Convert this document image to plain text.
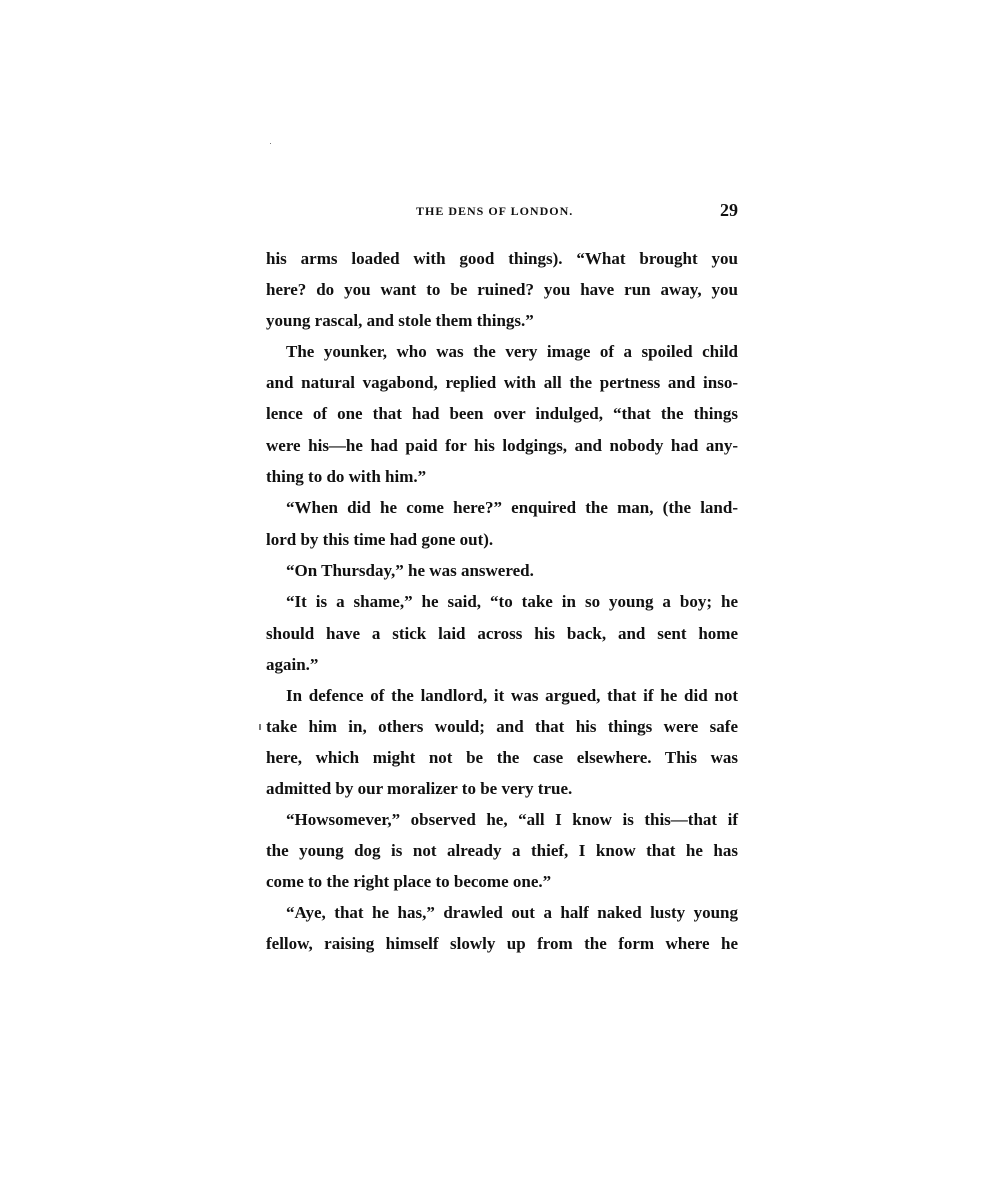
THE DENS OF LONDON.	29
his arms loaded with good things). “What brought you
here? do you want to be ruined? you have run away, you
young rascal, and stole them things.”
The younker, who was the very image of a spoiled child
and natural vagabond, replied with all the pertness and inso-
lence of one that had been over indulged, “that the things
were his—he had paid for his lodgings, and nobody had any-
thing to do with him.”
“When did he come here?” enquired the man, (the land-
lord by this time had gone out).
“On Thursday,” he was answered.
“It is a shame,” he said, “to take in so young a boy; he
should have a stick laid across his back, and sent home
again.”
In defence of the landlord, it was argued, that if he did not
take him in, others would; and that his things were safe
here, which might not be the case elsewhere. This was
admitted by our moralizer to be very true.
“Howsomever,” observed he, “all I know is this—that if
the young dog is not already a thief, I know that he has
come to the right place to become one.”
“Aye, that he has,” drawled out a half naked lusty young
fellow, raising himself slowly up from the form where he
